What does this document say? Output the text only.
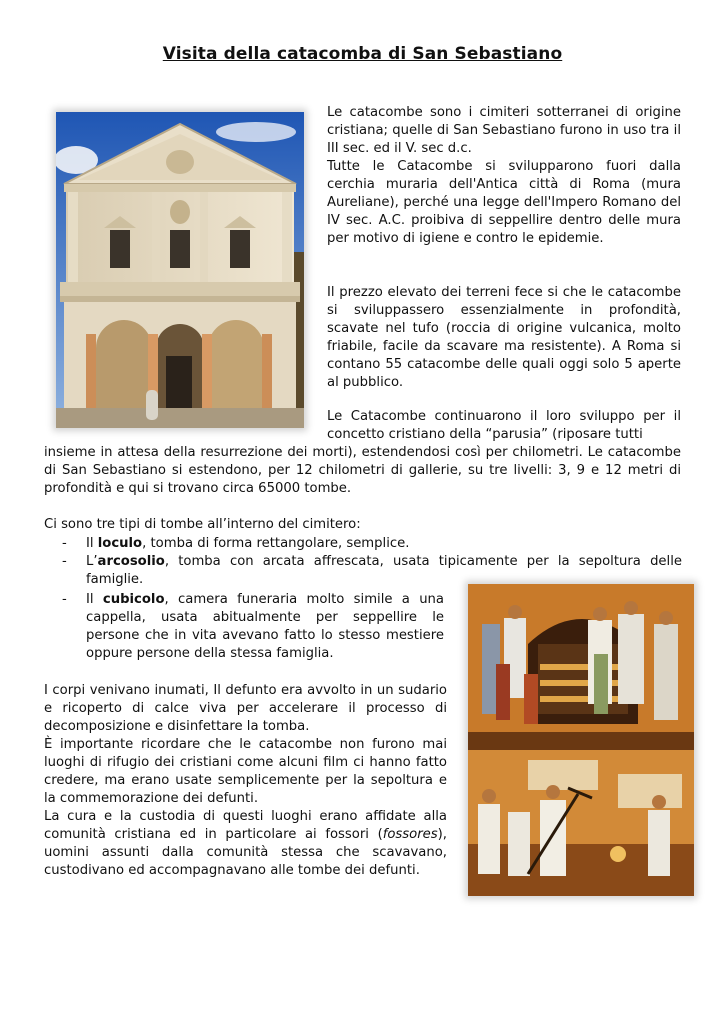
Visita della catacomba di San Sebastiano
Le catacombe sono i cimiteri sotterranei di origine cristiana; quelle di San Sebastiano furono in uso tra il III sec. ed il V. sec d.c.
Tutte le Catacombe si svilupparono fuori dalla cerchia muraria dell'Antica città di Roma (mura Aureliane), perché una legge dell'Impero Romano del IV sec. A.C. proibiva di seppellire dentro delle mura per motivo di igiene e contro le epidemie.
Il prezzo elevato dei terreni fece si che le catacombe si sviluppassero essenzialmente in profondità, scavate nel tufo (roccia di origine vulcanica, molto friabile, facile da scavare ma resistente). A Roma si contano 55 catacombe delle quali oggi solo 5 aperte al pubblico.
Le Catacombe continuarono il loro sviluppo per il concetto cristiano della “parusia” (riposare tutti
insieme in attesa della resurrezione dei morti), estendendosi così per chilometri. Le catacombe di San Sebastiano si estendono, per 12 chilometri di gallerie, su tre livelli: 3, 9 e 12 metri di profondità e qui si trovano circa 65000 tombe.
Ci sono tre tipi di tombe all’interno del cimitero:
- Il loculo, tomba di forma rettangolare, semplice.
- L’arcosolio, tomba con arcata affrescata, usata tipicamente per la sepoltura delle famiglie.
- Il cubicolo, camera funeraria molto simile a una cappella, usata abitualmente per seppellire le persone che in vita avevano fatto lo stesso mestiere oppure persone della stessa famiglia.
I corpi venivano inumati, Il defunto era avvolto in un sudario e ricoperto di calce viva per accelerare il processo di decomposizione e disinfettare la tomba.
È importante ricordare che le catacombe non furono mai luoghi di rifugio dei cristiani come alcuni film ci hanno fatto credere, ma erano usate semplicemente per la sepoltura e la commemorazione dei defunti.
La cura e la custodia di questi luoghi erano affidate alla comunità cristiana ed in particolare ai fossori (fossores), uomini assunti dalla comunità stessa che scavavano, custodivano ed accompagnavano alle tombe dei defunti.
